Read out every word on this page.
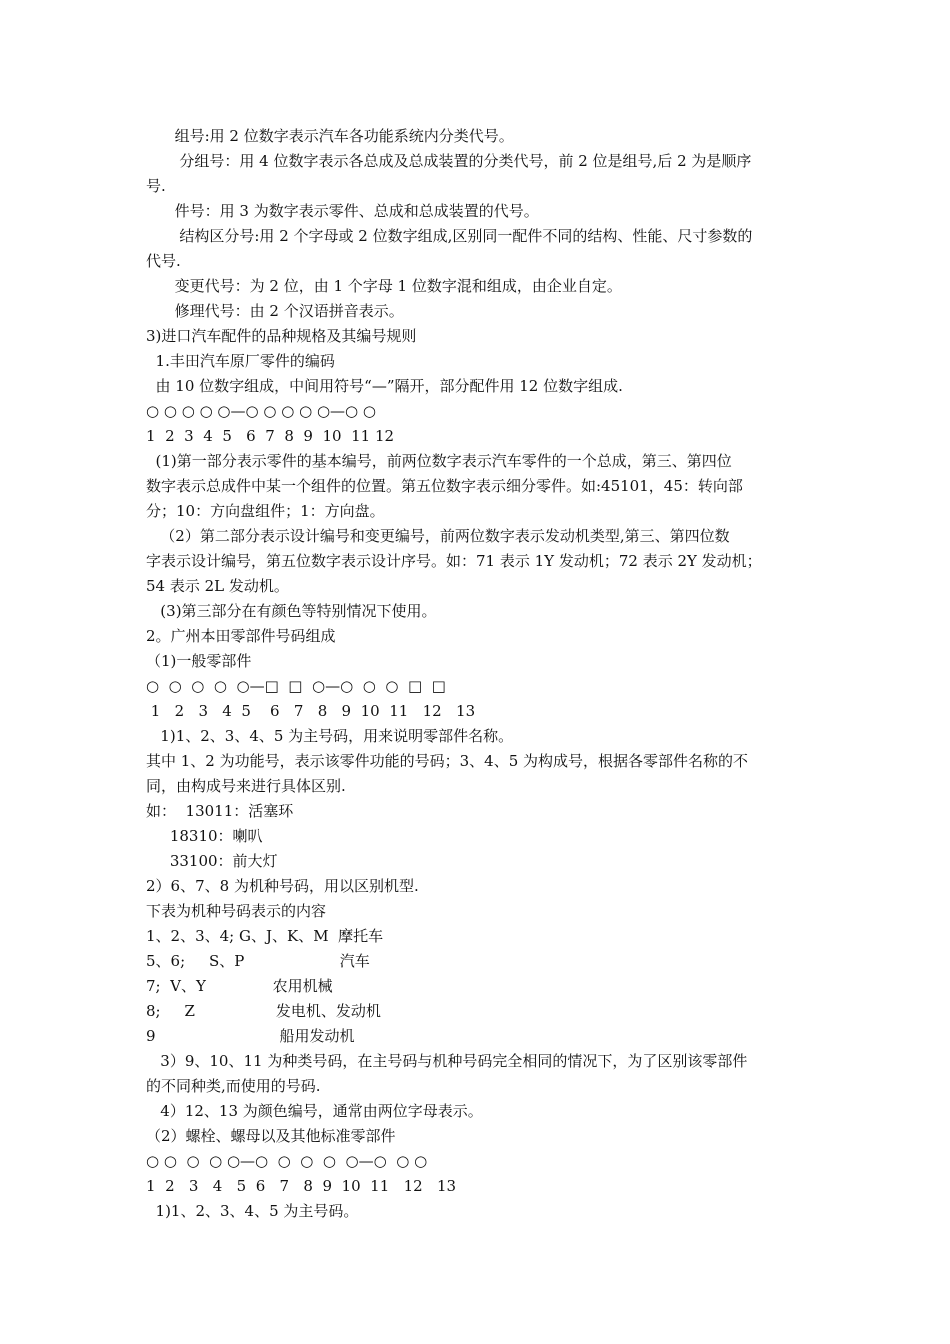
组号:用 2 位数字表示汽车各功能系统内分类代号。
分组号：用 4 位数字表示各总成及总成装置的分类代号，前 2 位是组号,后 2 为是顺序
号.
件号：用 3 为数字表示零件、总成和总成装置的代号。
结构区分号:用 2 个字母或 2 位数字组成,区别同一配件不同的结构、性能、尺寸参数的
代号.
变更代号：为 2 位，由 1 个字母 1 位数字混和组成，由企业自定。
修理代号：由 2 个汉语拼音表示。
3)进口汽车配件的品种规格及其编号规则
1.丰田汽车原厂零件的编码
由 10 位数字组成，中间用符号“—”隔开，部分配件用 12 位数字组成.
○ ○ ○ ○ ○—○ ○ ○ ○ ○—○ ○
1  2  3  4  5   6  7  8  9  10  11 12
(1)第一部分表示零件的基本编号，前两位数字表示汽车零件的一个总成，第三、第四位
数字表示总成件中某一个组件的位置。第五位数字表示细分零件。如:45101，45：转向部
分；10：方向盘组件；1：方向盘。
（2）第二部分表示设计编号和变更编号，前两位数字表示发动机类型,第三、第四位数
字表示设计编号，第五位数字表示设计序号。如：71 表示 1Y 发动机；72 表示 2Y 发动机；
54 表示 2L 发动机。
(3)第三部分在有颜色等特别情况下使用。
2。广州本田零部件号码组成
（1)一般零部件
○  ○  ○  ○  ○—□  □  ○—○  ○  ○  □  □
1   2   3   4  5    6   7   8   9  10  11   12   13
1)1、2、3、4、5 为主号码，用来说明零部件名称。
其中 1、2 为功能号，表示该零件功能的号码；3、4、5 为构成号，根据各零部件名称的不
同，由构成号来进行具体区别.
如：  13011：活塞环
18310：喇叭
33100：前大灯
2）6、7、8 为机种号码，用以区别机型.
下表为机种号码表示的内容
1、2、3、4; G、J、K、M  摩托车
5、6;     S、P                    汽车
7;  V、Y              农用机械
8;     Z                 发电机、发动机
9                          船用发动机
3）9、10、11 为种类号码，在主号码与机种号码完全相同的情况下，为了区别该零部件
的不同种类,而使用的号码.
4）12、13 为颜色编号，通常由两位字母表示。
（2）螺栓、螺母以及其他标准零部件
○ ○  ○  ○ ○—○  ○  ○  ○  ○—○  ○ ○
1  2   3   4   5  6   7   8  9  10  11   12   13
1)1、2、3、4、5 为主号码。
